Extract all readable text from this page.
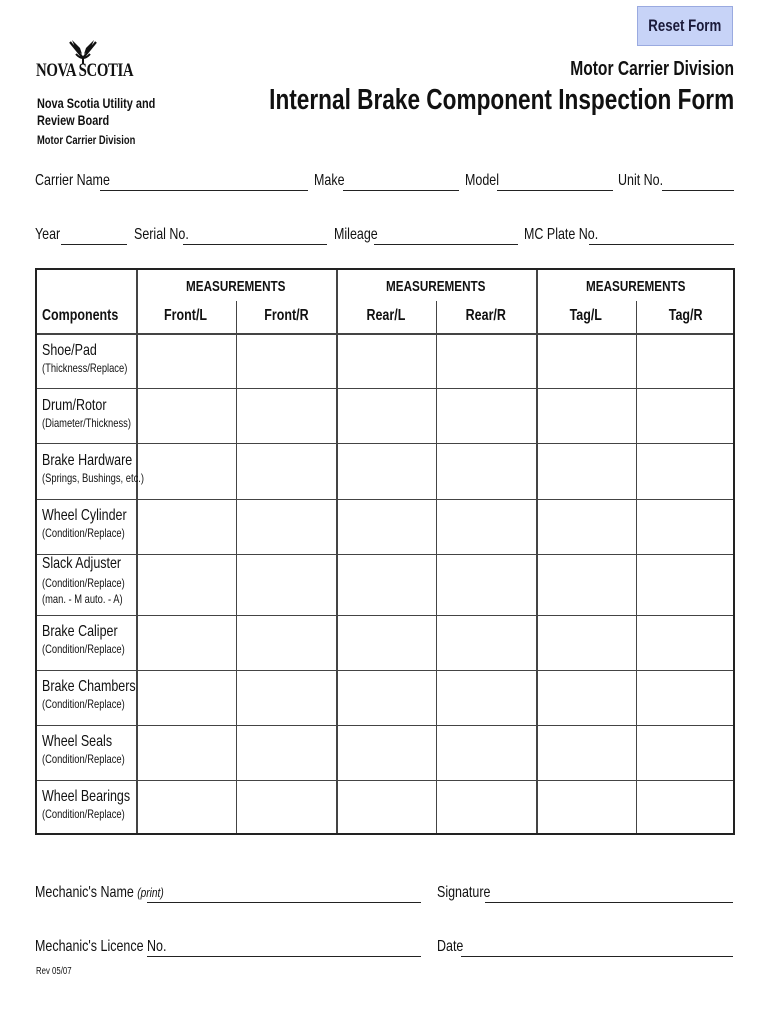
Reset Form
NOVA SCOTIA
Nova Scotia Utility and
Review Board
Motor Carrier Division
Motor Carrier Division
Internal Brake Component Inspection Form
Carrier Name	Make	Model	Unit No.
Year	Serial No.	Mileage	MC Plate No.
MEASUREMENTS	MEASUREMENTS	MEASUREMENTS
Components	Front/L	Front/R	Rear/L	Rear/R	Tag/L	Tag/R
Shoe/Pad
(Thickness/Replace)
Drum/Rotor
(Diameter/Thickness)
Brake Hardware
(Springs, Bushings, etc.)
Wheel Cylinder
(Condition/Replace)
Slack Adjuster
(Condition/Replace)
(man. - M auto. - A)
Brake Caliper
(Condition/Replace)
Brake Chambers
(Condition/Replace)
Wheel Seals
(Condition/Replace)
Wheel Bearings
(Condition/Replace)
Mechanic's Name (print)	Signature
Mechanic's Licence No.	Date
Rev 05/07
